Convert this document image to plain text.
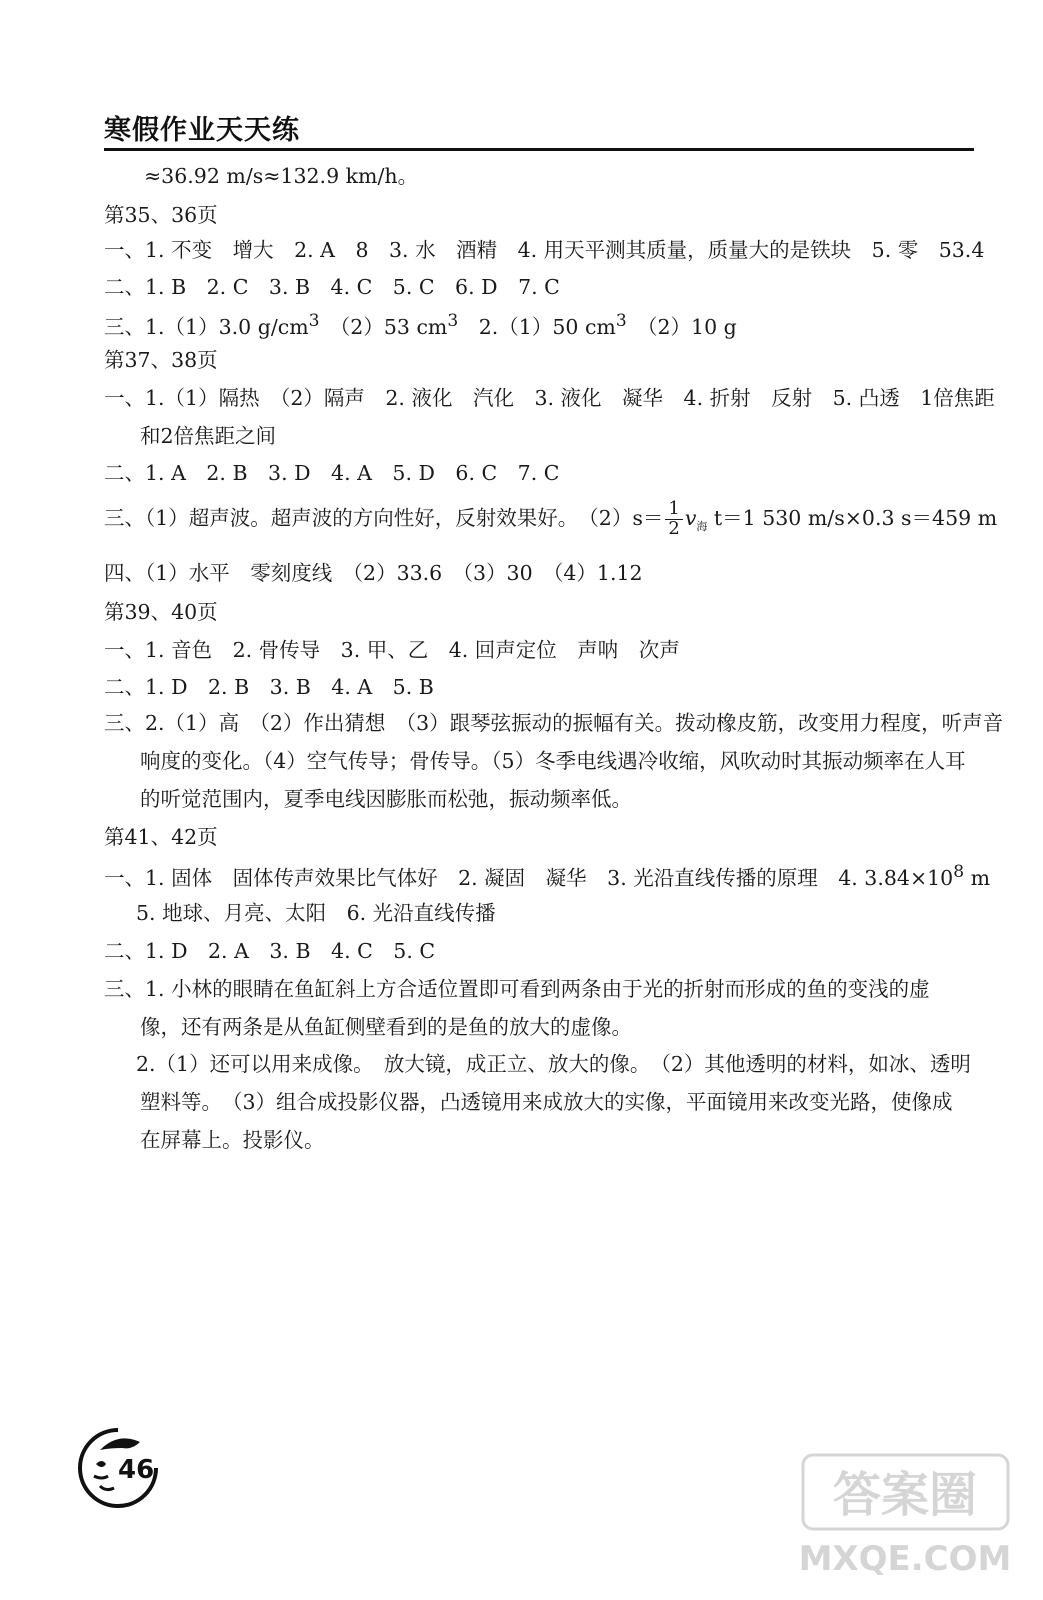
寒假作业天天练
≈36.92 m/s≈132.9 km/h。
第35、36页
一、1. 不变　增大　2. A　8　3. 水　酒精　4. 用天平测其质量，质量大的是铁块　5. 零　53.4
二、1. B　2. C　3. B　4. C　5. C　6. D　7. C
三、1.（1）3.0 $g/cm^3$　（2）53 $cm^3$　2.（1）50 $cm^3$　（2）10 g
第37、38页
一、1.（1）隔热　（2）隔声　2. 液化　汽化　3. 液化　凝华　4. 折射　反射　5. 凸透　1倍焦距
和2倍焦距之间
二、1. A　2. B　3. D　4. A　5. D　6. C　7. C
三、（1）超声波。超声波的方向性好，反射效果好。　$(2)s= \frac{1}{2} v_海$ t＝1 530 m/s×0.3 s＝459 m
四、（1）水平　零刻度线　（2）33.6　（3）30　（4）1.12
第39、40页
一、1. 音色　2. 骨传导　3. 甲、乙　4. 回声定位　声呐　次声
二、1. D　2. B　3. B　4. A　5. B
三、2.（1）高　（2）作出猜想　（3）跟琴弦振动的振幅有关。拨动橡皮筋，改变用力程度，听声音
响度的变化。（4）空气传导；骨传导。（5）冬季电线遇冷收缩，风吹动时其振动频率在人耳
的听觉范围内，夏季电线因膨胀而松弛，振动频率低。
第41、42页
一、1. 固体　固体传声效果比气体好　2. 凝固　凝华　3. 光沿直线传播的原理　4. $3.84\times 10^8$ m
5. 地球、月亮、太阳　6. 光沿直线传播
二、1. D　2. A　3. B　4. C　5. C
三、1. 小林的眼睛在鱼缸斜上方合适位置即可看到两条由于光的折射而形成的鱼的变浅的虚
像，还有两条是从鱼缸侧壁看到的是鱼的放大的虚像。
2.（1）还可以用来成像。　放大镜，成正立、放大的像。　（2）其他透明的材料，如冰、透明
塑料等。　（3）组合成投影仪器，凸透镜用来成放大的实像，平面镜用来改变光路，使像成
在屏幕上。投影仪。
46	答案圈
MXQE.COM
